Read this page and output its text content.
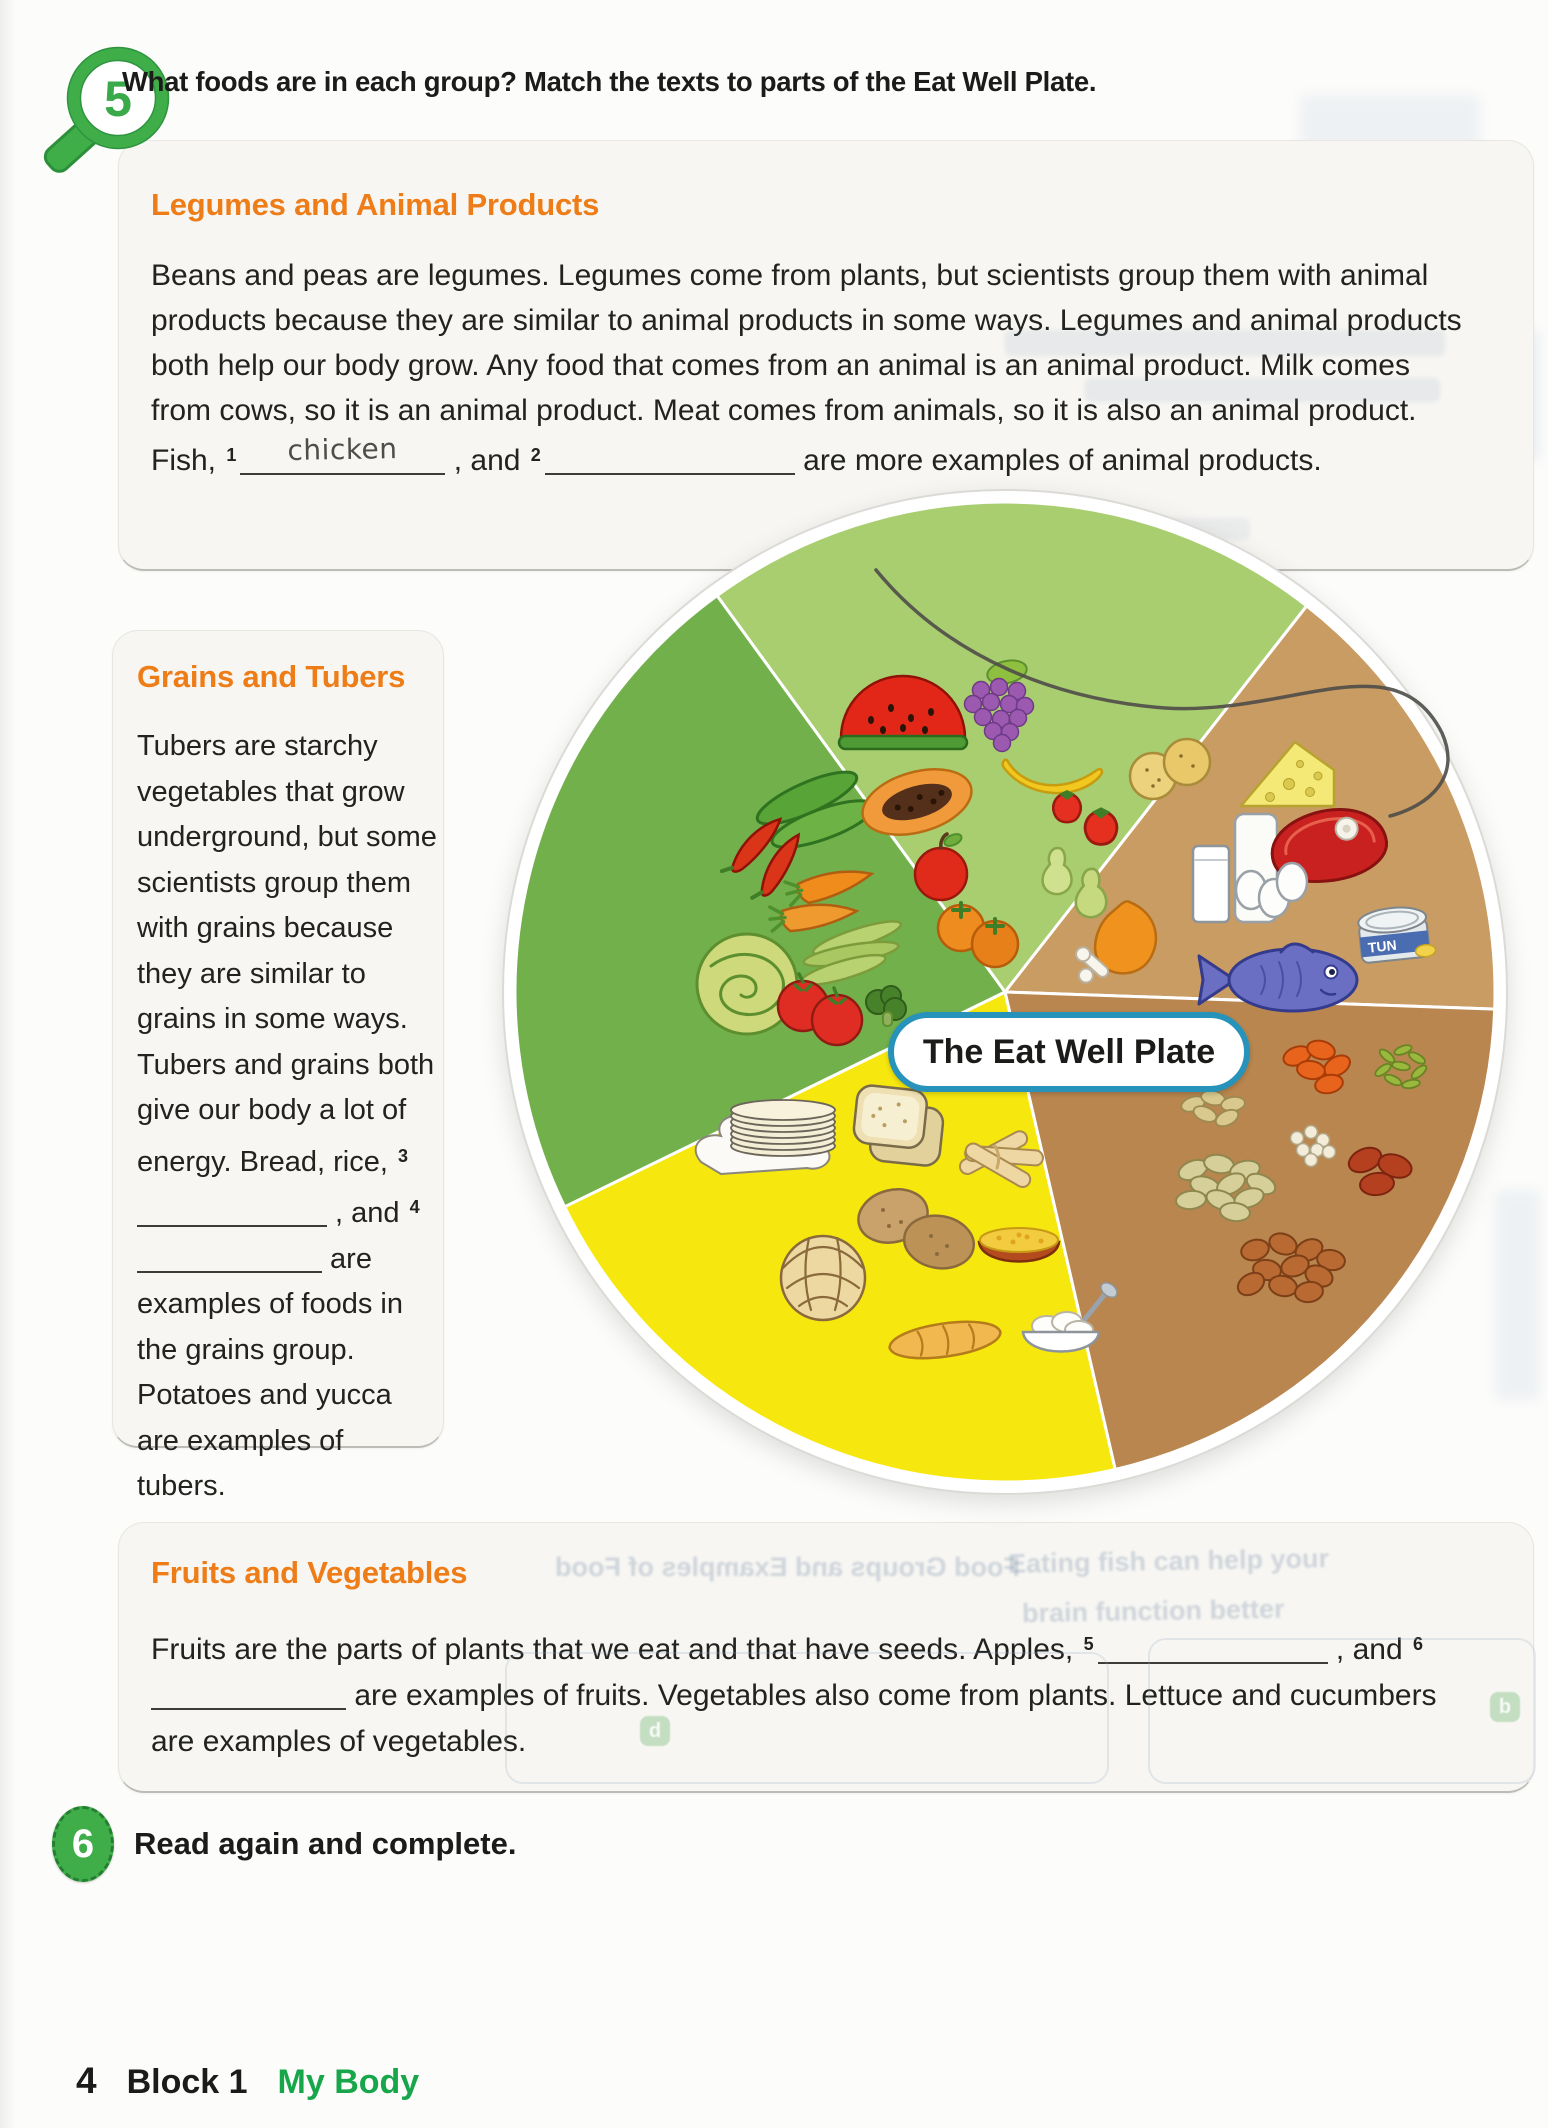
5
What foods are in each group? Match the texts to parts of the Eat Well Plate.
Legumes and Animal Products

Beans and peas are legumes. Legumes come from plants, but scientists group them with animal products because they are similar to animal products in some ways. Legumes and animal products both help our body grow. Any food that comes from an animal is an animal product. Milk comes from cows, so it is an animal product. Meat comes from animals, so it is also an animal product. Fish, $^1$	chicken	, and $^2$	are more examples of animal products.

Grains and Tubers

Tubers are starchy vegetables that grow underground, but some scientists group them with grains because they are similar to grains in some ways. Tubers and grains both give our body a lot of energy. Bread, rice, $^3$ , and $^4$ are examples of foods in the grains group. Potatoes and yucca are examples of tubers.

TUN
The Eat Well Plate
Fruits and Vegetables

Fruits are the parts of plants that we eat and that have seeds. Apples, $^5$	, and $^6$ are examples of fruits. Vegetables also come from plants. Lettuce and cucumbers are examples of vegetables.

Food Groups and Examples of Food
Eating fish can help your
brain function better
d
b
6	Read again and complete.
4 Block 1 My Body
